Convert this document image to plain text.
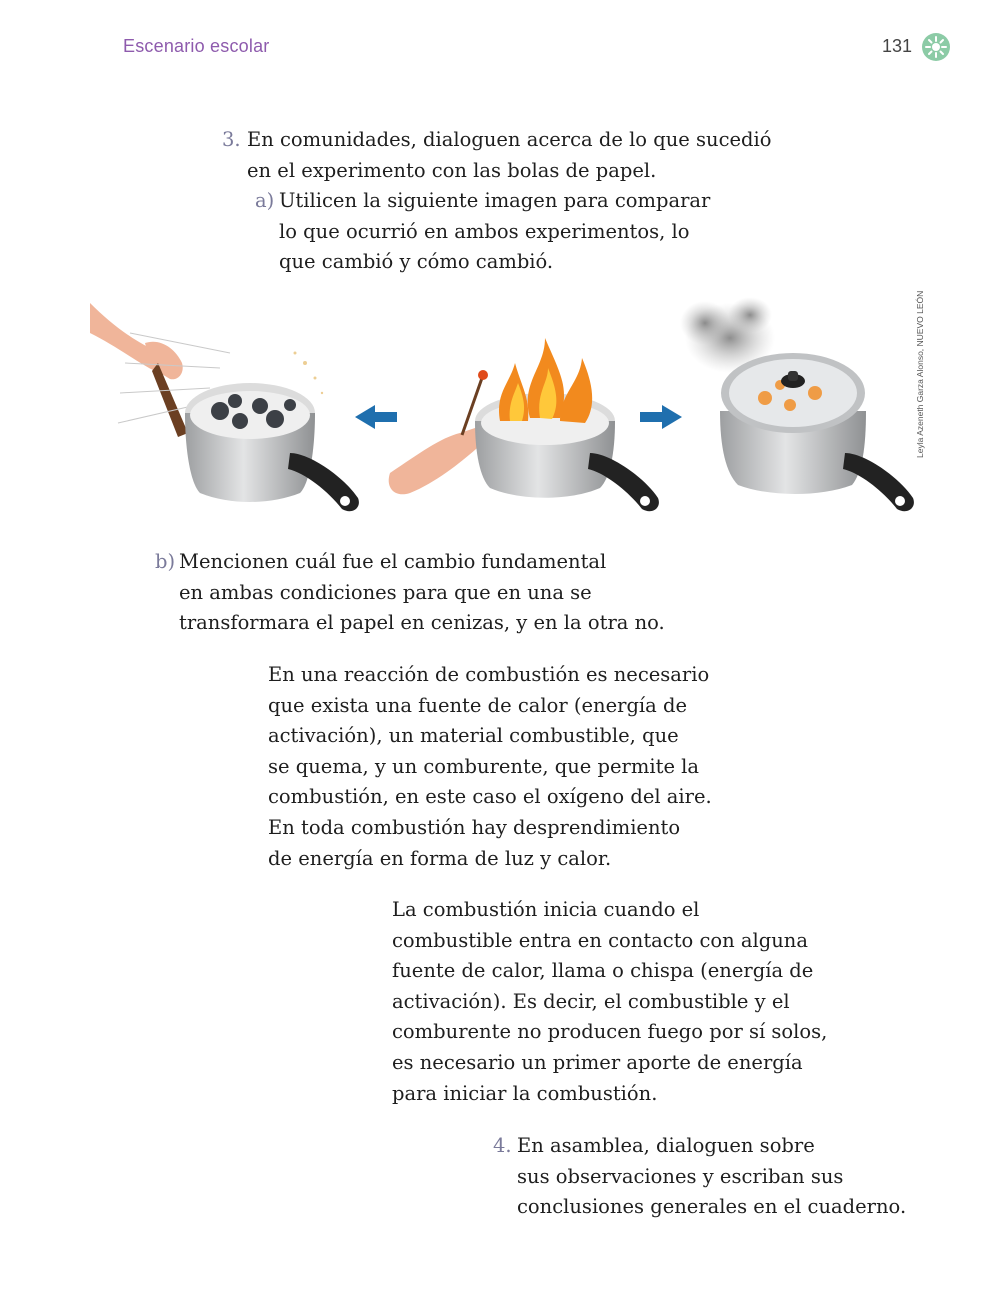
Escenario escolar	131
3. En comunidades, dialoguen acerca de lo que sucedió
en el experimento con las bolas de papel.
a) Utilicen la siguiente imagen para comparar
lo que ocurrió en ambos experimentos, lo
que cambió y cómo cambió.
Leyla Azeneth Garza Alonso, NUEVO LEÓN
b) Mencionen cuál fue el cambio fundamental
en ambas condiciones para que en una se
transformara el papel en cenizas, y en la otra no.
En una reacción de combustión es necesario
que exista una fuente de calor (energía de
activación), un material combustible, que
se quema, y un comburente, que permite la
combustión, en este caso el oxígeno del aire.
En toda combustión hay desprendimiento
de energía en forma de luz y calor.
La combustión inicia cuando el
combustible entra en contacto con alguna
fuente de calor, llama o chispa (energía de
activación). Es decir, el combustible y el
comburente no producen fuego por sí solos,
es necesario un primer aporte de energía
para iniciar la combustión.
4. En asamblea, dialoguen sobre
sus observaciones y escriban sus
conclusiones generales en el cuaderno.
